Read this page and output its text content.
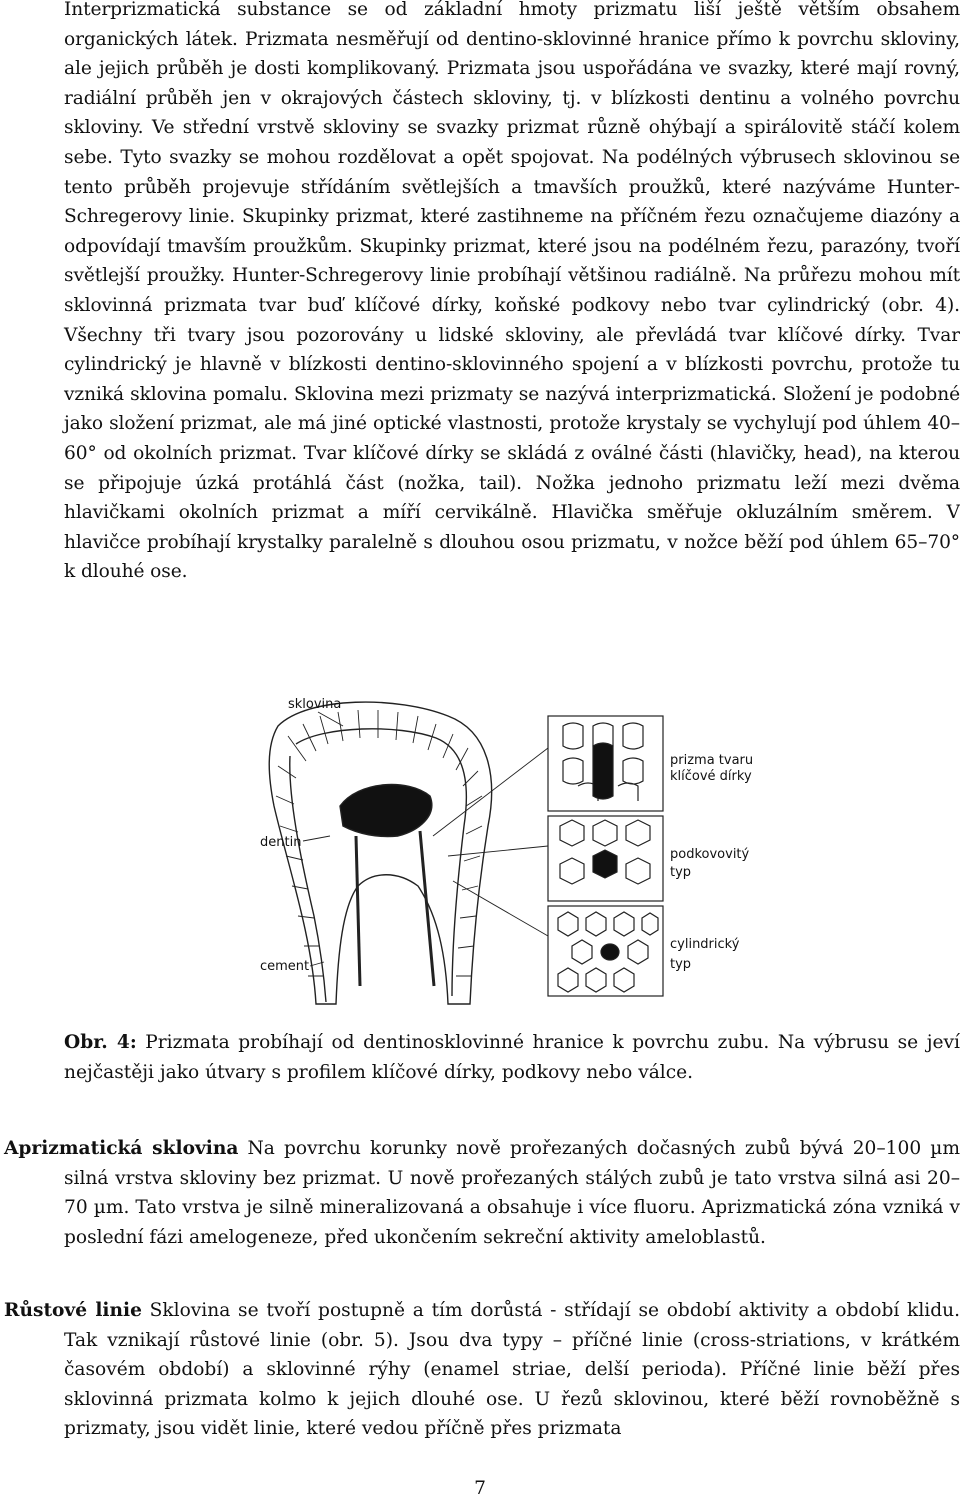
Interprizmatická substance se od základní hmoty prizmatu liší ještě větším obsahem organických látek. Prizmata nesměřují od dentino-sklovinné hranice přímo k povrchu skloviny, ale jejich průběh je dosti komplikovaný. Prizmata jsou uspořádána ve svazky, které mají rovný, radiální průběh jen v okrajových částech skloviny, tj. v blízkosti dentinu a volného povrchu skloviny. Ve střední vrstvě skloviny se svazky prizmat různě ohýbají a spirálovitě stáčí kolem sebe. Tyto svazky se mohou rozdělovat a opět spojovat. Na podélných výbrusech sklovinou se tento průběh projevuje střídáním světlejších a tmavších proužků, které nazýváme Hunter-Schregerovy linie. Skupinky prizmat, které zastihneme na příčném řezu označujeme diazóny a odpovídají tmavším proužkům. Skupinky prizmat, které jsou na podélném řezu, parazóny, tvoří světlejší proužky. Hunter-Schregerovy linie probíhají většinou radiálně. Na průřezu mohou mít sklovinná prizmata tvar buď klíčové dírky, koňské podkovy nebo tvar cylindrický (obr. 4). Všechny tři tvary jsou pozorovány u lidské skloviny, ale převládá tvar klíčové dírky. Tvar cylindrický je hlavně v blízkosti dentino-sklovinného spojení a v blízkosti povrchu, protože tu vzniká sklovina pomalu. Sklovina mezi prizmaty se nazývá interprizmatická. Složení je podobné jako složení prizmat, ale má jiné optické vlastnosti, protože krystaly se vychylují pod úhlem 40–60° od okolních prizmat. Tvar klíčové dírky se skládá z oválné části (hlavičky, head), na kterou se připojuje úzká protáhlá část (nožka, tail). Nožka jednoho prizmatu leží mezi dvěma hlavičkami okolních prizmat a míří cervikálně. Hlavička směřuje okluzálním směrem. V hlavičce probíhají krystalky paralelně s dlouhou osou prizmatu, v nožce běží pod úhlem 65–70° k dlouhé ose.

sklovina
dentin
cement
prizma tvaru
klíčové dírky
podkovovitý
typ
cylindrický
typ

Obr. 4: Prizmata probíhají od dentinosklovinné hranice k povrchu zubu. Na výbrusu se jeví nejčastěji jako útvary s profilem klíčové dírky, podkovy nebo válce.

Aprizmatická sklovina Na povrchu korunky nově prořezaných dočasných zubů bývá 20–100 µm silná vrstva skloviny bez prizmat. U nově prořezaných stálých zubů je tato vrstva silná asi 20–70 µm. Tato vrstva je silně mineralizovaná a obsahuje i více fluoru. Aprizmatická zóna vzniká v poslední fázi amelogeneze, před ukončením sekreční aktivity ameloblastů.

Růstové linie Sklovina se tvoří postupně a tím dorůstá - střídají se období aktivity a období klidu. Tak vznikají růstové linie (obr. 5). Jsou dva typy – příčné linie (cross-striations, v krátkém časovém období) a sklovinné rýhy (enamel striae, delší perioda). Příčné linie běží přes sklovinná prizmata kolmo k jejich dlouhé ose. U řezů sklovinou, které běží rovnoběžně s prizmaty, jsou vidět linie, které vedou příčně přes prizmata

7
